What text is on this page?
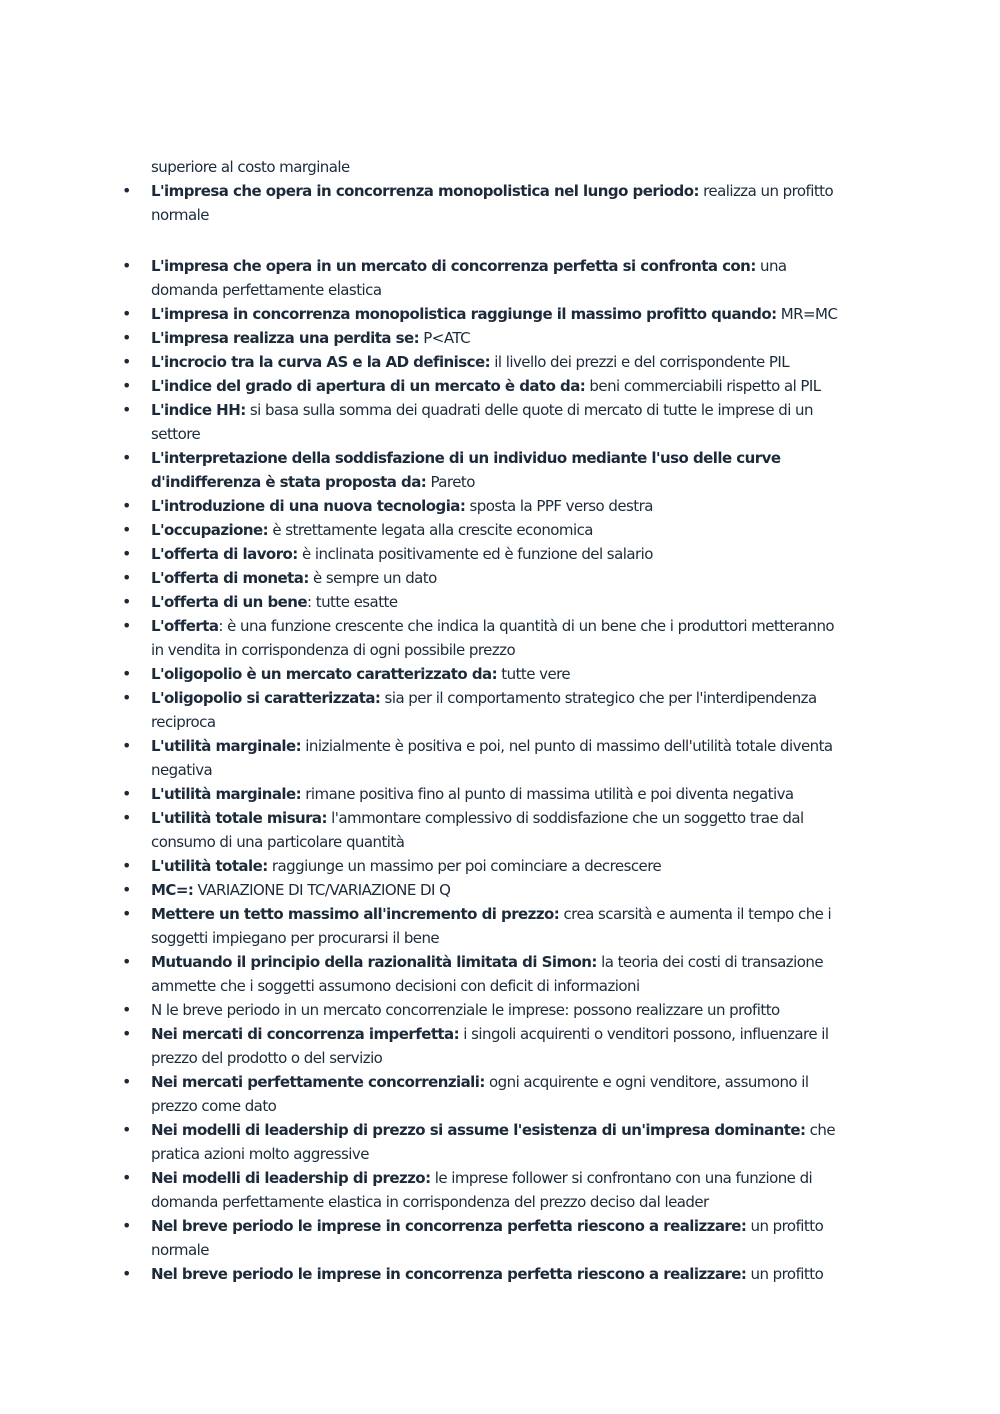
superiore al costo marginale
• L'impresa che opera in concorrenza monopolistica nel lungo periodo: realizza un profitto normale
• L'impresa che opera in un mercato di concorrenza perfetta si confronta con: una domanda perfettamente elastica
• L'impresa in concorrenza monopolistica raggiunge il massimo profitto quando: MR=MC
• L'impresa realizza una perdita se: P<ATC
• L'incrocio tra la curva AS e la AD definisce: il livello dei prezzi e del corrispondente PIL
• L'indice del grado di apertura di un mercato è dato da: beni commerciabili rispetto al PIL
• L'indice HH: si basa sulla somma dei quadrati delle quote di mercato di tutte le imprese di un settore
• L'interpretazione della soddisfazione di un individuo mediante l'uso delle curve d'indifferenza è stata proposta da: Pareto
• L'introduzione di una nuova tecnologia: sposta la PPF verso destra
• L'occupazione: è strettamente legata alla crescite economica
• L'offerta di lavoro: è inclinata positivamente ed è funzione del salario
• L'offerta di moneta: è sempre un dato
• L'offerta di un bene: tutte esatte
• L'offerta: è una funzione crescente che indica la quantità di un bene che i produttori metteranno in vendita in corrispondenza di ogni possibile prezzo
• L'oligopolio è un mercato caratterizzato da: tutte vere
• L'oligopolio si caratterizzata: sia per il comportamento strategico che per l'interdipendenza reciproca
• L'utilità marginale: inizialmente è positiva e poi, nel punto di massimo dell'utilità totale diventa negativa
• L'utilità marginale: rimane positiva fino al punto di massima utilità e poi diventa negativa
• L'utilità totale misura: l'ammontare complessivo di soddisfazione che un soggetto trae dal consumo di una particolare quantità
• L'utilità totale: raggiunge un massimo per poi cominciare a decrescere
• MC=: VARIAZIONE DI TC/VARIAZIONE DI Q
• Mettere un tetto massimo all'incremento di prezzo: crea scarsità e aumenta il tempo che i soggetti impiegano per procurarsi il bene
• Mutuando il principio della razionalità limitata di Simon: la teoria dei costi di transazione ammette che i soggetti assumono decisioni con deficit di informazioni
• N le breve periodo in un mercato concorrenziale le imprese: possono realizzare un profitto
• Nei mercati di concorrenza imperfetta: i singoli acquirenti o venditori possono, influenzare il prezzo del prodotto o del servizio
• Nei mercati perfettamente concorrenziali: ogni acquirente e ogni venditore, assumono il prezzo come dato
• Nei modelli di leadership di prezzo si assume l'esistenza di un'impresa dominante: che pratica azioni molto aggressive
• Nei modelli di leadership di prezzo: le imprese follower si confrontano con una funzione di domanda perfettamente elastica in corrispondenza del prezzo deciso dal leader
• Nel breve periodo le imprese in concorrenza perfetta riescono a realizzare: un profitto normale
• Nel breve periodo le imprese in concorrenza perfetta riescono a realizzare: un profitto
